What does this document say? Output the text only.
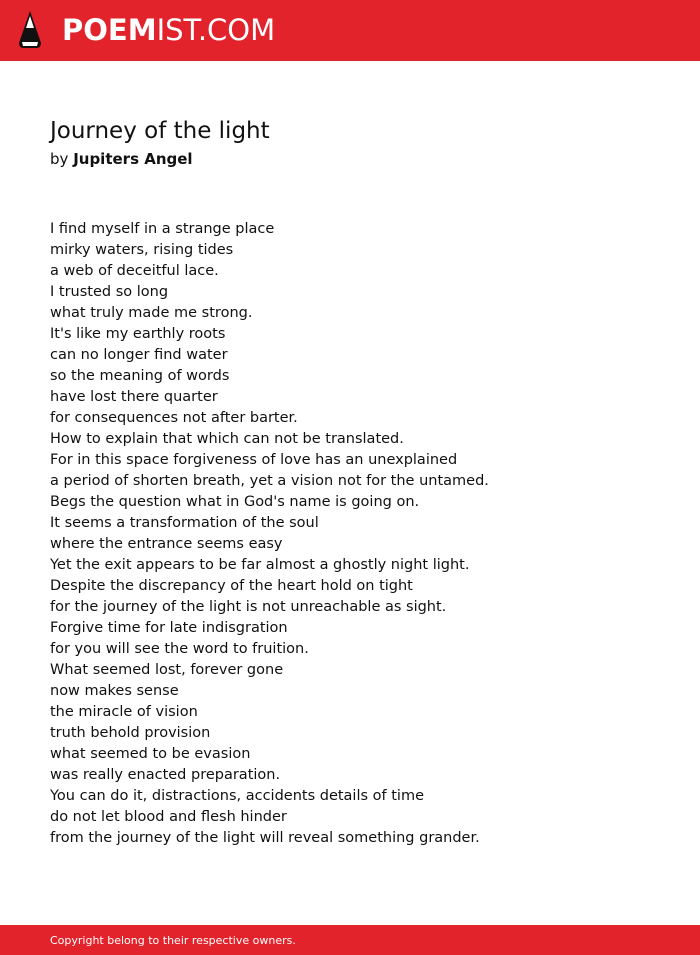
POEMIST.COM
Journey of the light
by Jupiters Angel
I find myself in a strange place
mirky waters, rising tides
a web of deceitful lace.
I trusted so long
what truly made me strong.
It's like my earthly roots
can no longer find water
so the meaning of words
have lost there quarter
for consequences not after barter.
How to explain that which can not be translated.
For in this space forgiveness of love has an unexplained
a period of shorten breath, yet a vision not for the untamed.
Begs the question what in God's name is going on.
It seems a transformation of the soul
where the entrance seems easy
Yet the exit appears to be far almost a ghostly night light.
Despite the discrepancy of the heart hold on tight
for the journey of the light is not unreachable as sight.
Forgive time for late indisgration
for you will see the word to fruition.
What seemed lost, forever gone
now makes sense
the miracle of vision
truth behold provision
what seemed to be evasion
was really enacted preparation.
You can do it, distractions, accidents details of time
do not let blood and flesh hinder
from the journey of the light will reveal something grander.
Copyright belong to their respective owners.
